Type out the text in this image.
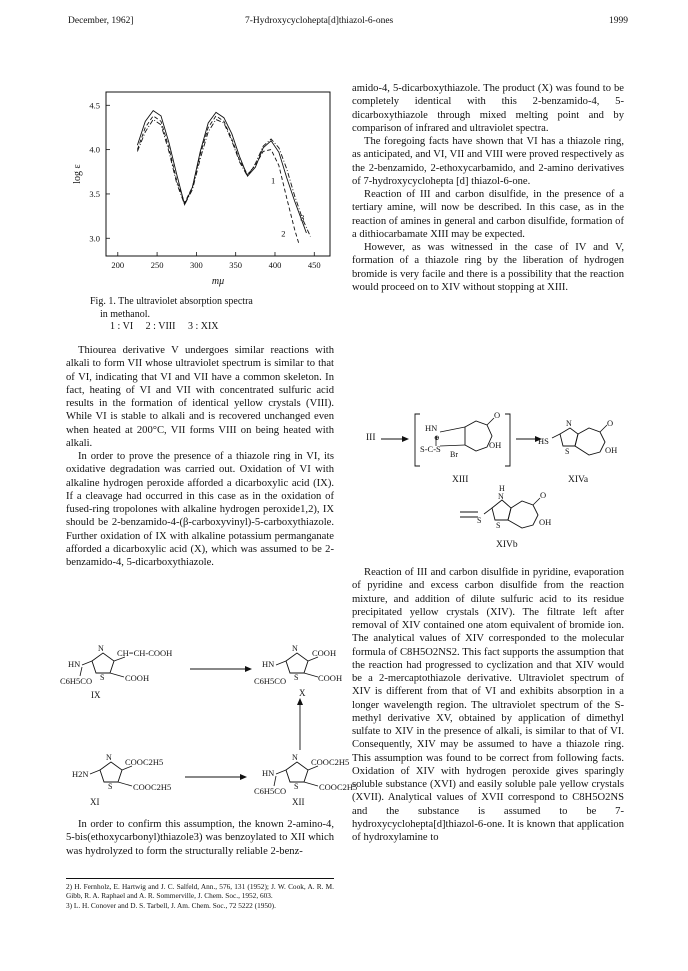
December, 1962]	7-Hydroxycyclohepta[d]thiazol-6-ones	1999
200	250	300	350	400	450
3.0
3.5
4.0
4.5
mμ
log ε	1
2
3
Fig. 1. The ultraviolet absorption spectra
in methanol.
1 : VI     2 : VIII     3 : XIX

Thiourea derivative V undergoes similar reactions with alkali to form VII whose ultraviolet spectrum is similar to that of VI, indicating that VI and VII have a common skeleton. In fact, heating of VI and VII with concentrated sulfuric acid results in the formation of identical yellow crystals (VIII). While VI is stable to alkali and is recovered unchanged even when heated at 200°C, VII forms VIII on being heated with alkali.

In order to prove the presence of a thiazole ring in VI, its oxidative degradation was carried out. Oxidation of VI with alkaline hydrogen peroxide afforded a dicarboxylic acid (IX). If a cleavage had occurred in this case as in the oxidation of fused-ring tropolones with alkaline hydrogen peroxide1,2), IX should be 2-benzamido-4-(β-carboxyvinyl)-5-carboxythiazole. Further oxidation of IX with alkaline potassium permanganate afforded a dicarboxylic acid (X), which was assumed to be 2-benzamido-4, 5-dicarboxythiazole.

N CH=CH-COOH
COOH
S
HN
C6H5CO
IX
N COOH
COOH
S
HN
C6H5CO
X
N COOC2H5
COOC2H5
S
H2N
XI
N COOC2H5
COOC2H5
S
HN
C6H5CO
XII

In order to confirm this assumption, the known 2-amino-4, 5-bis(ethoxycarbonyl)thiazole3) was benzoylated to XII which was hydrolyzed to form the structurally reliable 2-benz-

2) H. Fernholz, E. Hartwig and J. C. Salfeld, Ann., 576, 131 (1952); J. W. Cook, A. R. M. Gibb, R. A. Raphael and A. R. Sommerville, J. Chem. Soc., 1952, 603.
3) L. H. Conover and D. S. Tarbell, J. Am. Chem. Soc., 72 5222 (1950).

amido-4, 5-dicarboxythiazole. The product (X) was found to be completely identical with this 2-benzamido-4, 5-dicarboxythiazole through mixed melting point and by comparison of infrared and ultraviolet spectra.

The foregoing facts have shown that VI has a thiazole ring, as anticipated, and VI, VII and VIII were proved respectively as the 2-benzamido, 2-ethoxycarbamido, and 2-amino derivatives of 7-hydroxycyclohepta [d] thiazol-6-one.

Reaction of III and carbon disulfide, in the presence of a tertiary amine, will now be described. In this case, as in the reaction of amines in general and carbon disulfide, formation of a dithiocarbamate XIII may be expected.

However, as was witnessed in the case of IV and V, formation of a thiazole ring by the liberation of hydrogen bromide is very facile and there is a possibility that the reaction would proceed on to XIV without stopping at XIII.

III
HN
⊕
S-C-S
Br
O
OH
XIII
N
HS
S
O
OH
XIVa
H
N
S
S
O
OH
XIVb

Reaction of III and carbon disulfide in pyridine, evaporation of pyridine and excess carbon disulfide from the reaction mixture, and addition of dilute sulfuric acid to its residue precipitated yellow crystals (XIV). The filtrate left after removal of XIV contained one atom equivalent of bromide ion. The analytical values of XIV corresponded to the molecular formula of C8H5O2NS2. This fact supports the assumption that the reaction had progressed to cyclization and that XIV would be a 2-mercaptothiazole derivative. Ultraviolet spectrum of XIV is different from that of VI and exhibits absorption in a longer wavelength region. The ultraviolet spectrum of the S-methyl derivative XV, obtained by application of dimethyl sulfate to XIV in the presence of alkali, is similar to that of VI. Consequently, XIV may be assumed to have a thiazole ring. This assumption was found to be correct from following facts. Oxidation of XIV with hydrogen peroxide gives sparingly soluble substance (XVI) and easily soluble pale yellow crystals (XVII). Analytical values of XVII correspond to C8H5O2NS and the substance is assumed to be 7-hydroxycyclohepta[d]thiazol-6-one. It is known that application of hydroxylamine to
